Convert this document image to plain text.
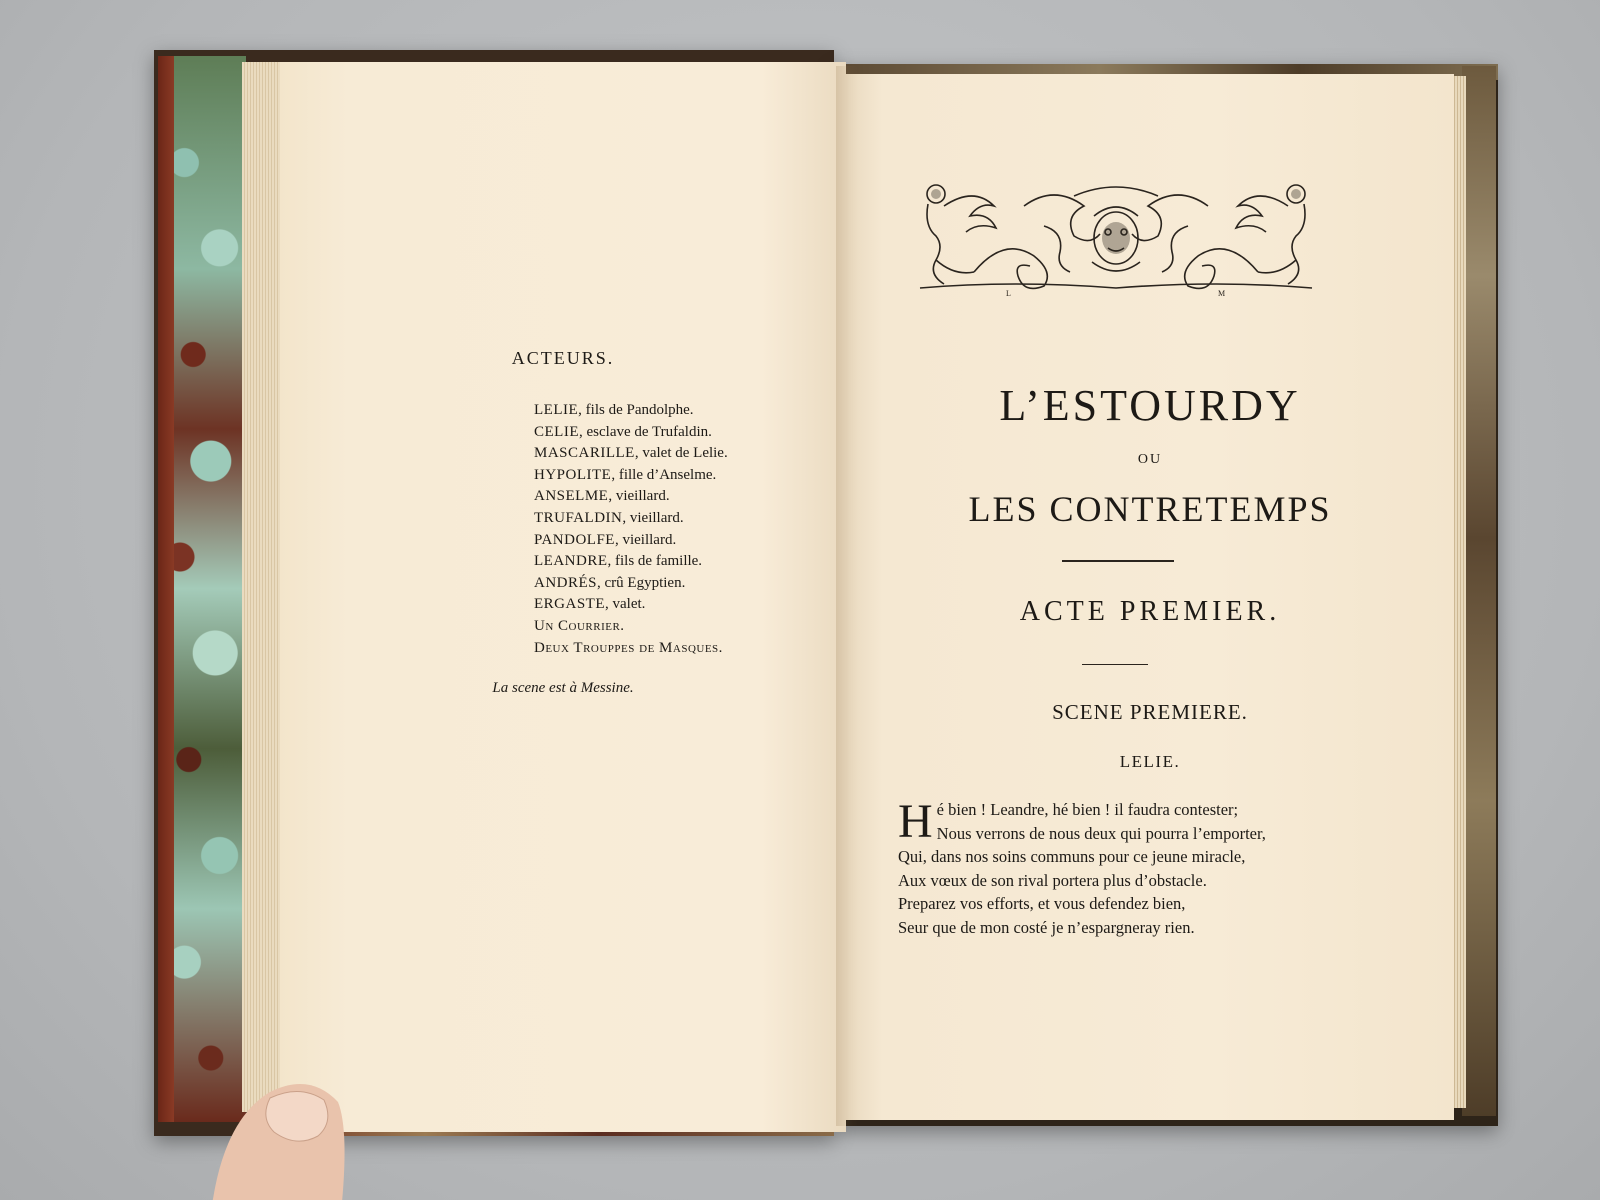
ACTEURS.
LELIE, fils de Pandolphe.
CELIE, esclave de Trufaldin.
MASCARILLE, valet de Lelie.
HYPOLITE, fille d’Anselme.
ANSELME, vieillard.
TRUFALDIN, vieillard.
PANDOLFE, vieillard.
LEANDRE, fils de famille.
ANDRÉS, crû Egyptien.
ERGASTE, valet.
Un Courrier.
Deux Trouppes de Masques.
La scene est à Messine.
L	M
L’ESTOURDY
OU
LES CONTRETEMPS
ACTE PREMIER.
SCENE PREMIERE.
LELIE.
H é bien ! Leandre, hé bien ! il faudra contester;

Nous verrons de nous deux qui pourra l’emporter,

Qui, dans nos soins communs pour ce jeune miracle,

Aux vœux de son rival portera plus d’obstacle.

Preparez vos efforts, et vous defendez bien,

Seur que de mon costé je n’espargneray rien.
